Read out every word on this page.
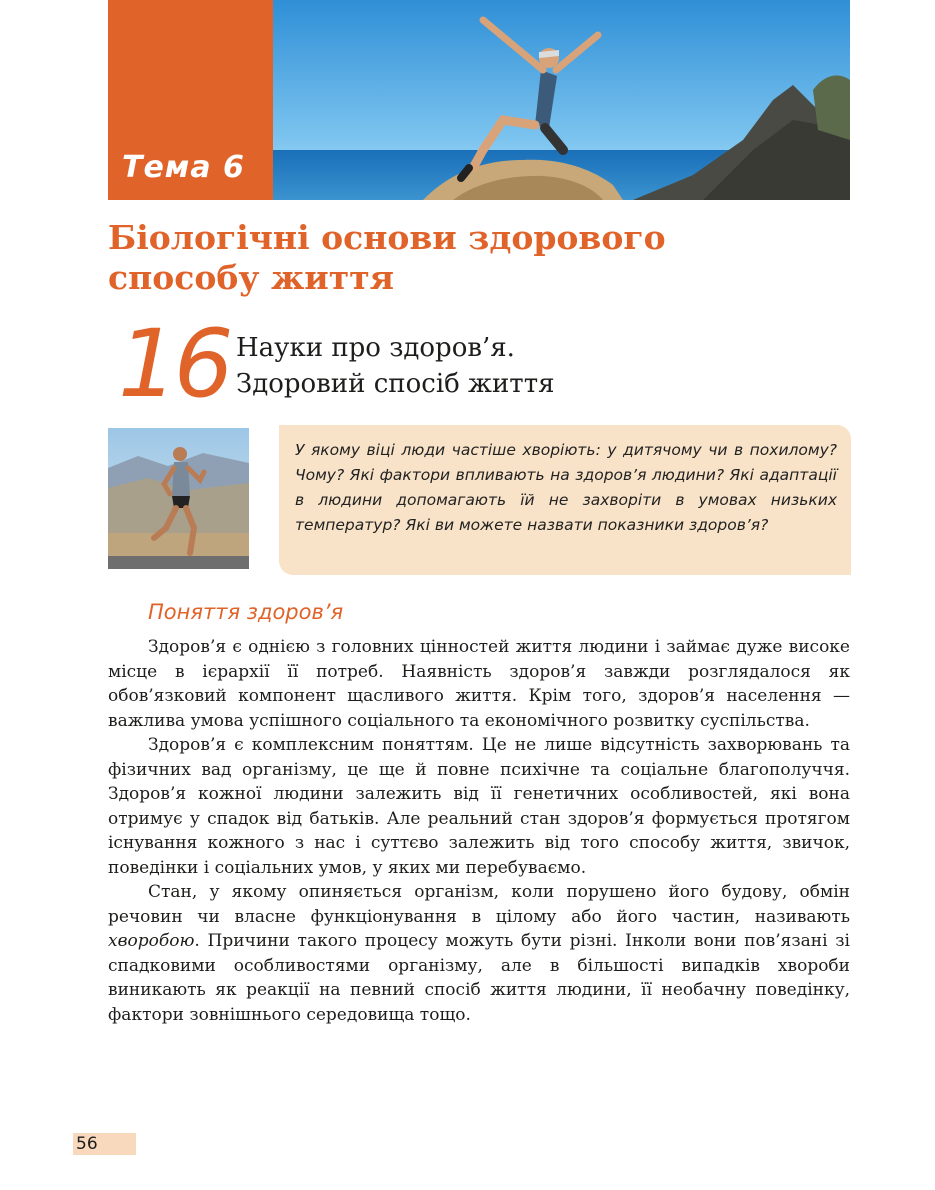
Тема 6
Біологічні основи здорового способу життя
16 Науки про здоров’я.
Здоровий спосіб життя

У якому віці люди частіше хворіють: у дитячому чи в похилому? Чому? Які фактори впливають на здоров’я людини? Які адаптації в людини допомагають їй не захворіти в умовах низьких температур? Які ви можете назвати показники здоров’я?

Поняття здоров’я

Здоров’я є однією з головних цінностей життя людини і займає дуже високе місце в ієрархії її потреб. Наявність здоров’я завжди розглядалося як обов’язковий компонент щасливого життя. Крім того, здоров’я населення — важлива умова успішного соціального та економічного розвитку суспільства.

Здоров’я є комплексним поняттям. Це не лише відсутність захворювань та фізичних вад організму, це ще й повне психічне та соціальне благополуччя. Здоров’я кожної людини залежить від її генетичних особливостей, які вона отримує у спадок від батьків. Але реальний стан здоров’я формується протягом існування кожного з нас і суттєво залежить від того способу життя, звичок, поведінки і соціальних умов, у яких ми перебуваємо.

Стан, у якому опиняється організм, коли порушено його будову, обмін речовин чи власне функціонування в цілому або його частин, називають хворобою. Причини такого процесу можуть бути різні. Інколи вони пов’язані зі спадковими особливостями організму, але в більшості випадків хвороби виникають як реакції на певний спосіб життя людини, її необачну поведінку, фактори зовнішнього середовища тощо.

56
